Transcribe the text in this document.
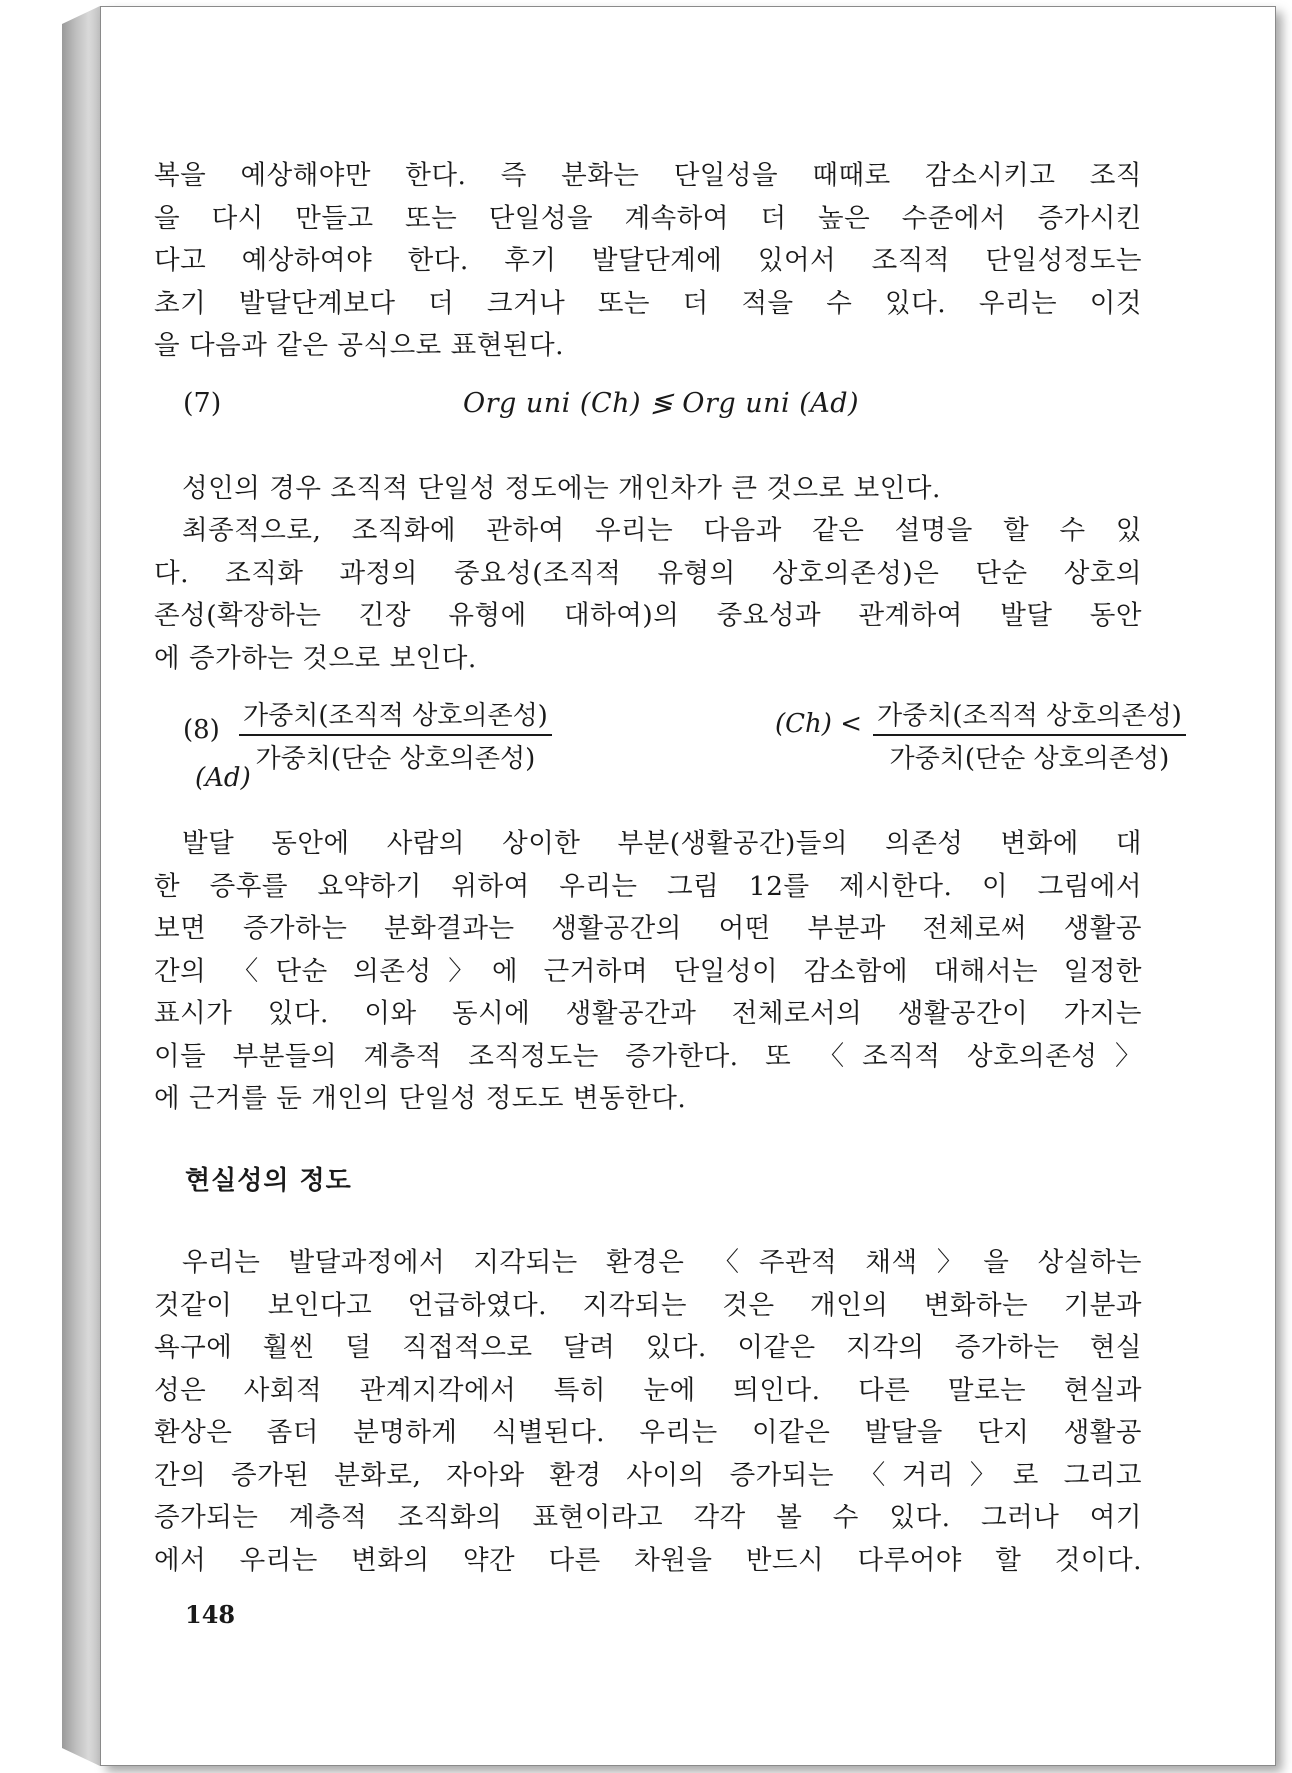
복을 예상해야만 한다. 즉 분화는 단일성을 때때로 감소시키고 조직
을 다시 만들고 또는 단일성을 계속하여 더 높은 수준에서 증가시킨
다고 예상하여야 한다. 후기 발달단계에 있어서 조직적 단일성정도는
초기 발달단계보다 더 크거나 또는 더 적을 수 있다. 우리는 이것
을 다음과 같은 공식으로 표현된다.
(7)	Org uni (Ch) ≶ Org uni (Ad)
성인의 경우 조직적 단일성 정도에는 개인차가 큰 것으로 보인다.
최종적으로, 조직화에 관하여 우리는 다음과 같은 설명을 할 수 있
다. 조직화 과정의 중요성(조직적 유형의 상호의존성)은 단순 상호의
존성(확장하는 긴장 유형에 대하여)의 중요성과 관계하여 발달 동안
에 증가하는 것으로 보인다.
(8) 가중치(조직적 상호의존성)
가중치(단순 상호의존성)
(Ch) < 가중치(조직적 상호의존성)
가중치(단순 상호의존성)
(Ad)
발달 동안에 사람의 상이한 부분(생활공간)들의 의존성 변화에 대
한 증후를 요약하기 위하여 우리는 그림 12를 제시한다. 이 그림에서
보면 증가하는 분화결과는 생활공간의 어떤 부분과 전체로써 생활공
간의 〈단순 의존성〉에 근거하며 단일성이 감소함에 대해서는 일정한
표시가 있다. 이와 동시에 생활공간과 전체로서의 생활공간이 가지는
이들 부분들의 계층적 조직정도는 증가한다. 또 〈조직적 상호의존성〉
에 근거를 둔 개인의 단일성 정도도 변동한다.
현실성의 정도
우리는 발달과정에서 지각되는 환경은 〈주관적 채색〉을 상실하는
것같이 보인다고 언급하였다. 지각되는 것은 개인의 변화하는 기분과
욕구에 훨씬 덜 직접적으로 달려 있다. 이같은 지각의 증가하는 현실
성은 사회적 관계지각에서 특히 눈에 띄인다. 다른 말로는 현실과
환상은 좀더 분명하게 식별된다. 우리는 이같은 발달을 단지 생활공
간의 증가된 분화로, 자아와 환경 사이의 증가되는 〈거리〉로 그리고
증가되는 계층적 조직화의 표현이라고 각각 볼 수 있다. 그러나 여기
에서 우리는 변화의 약간 다른 차원을 반드시 다루어야 할 것이다.
148
